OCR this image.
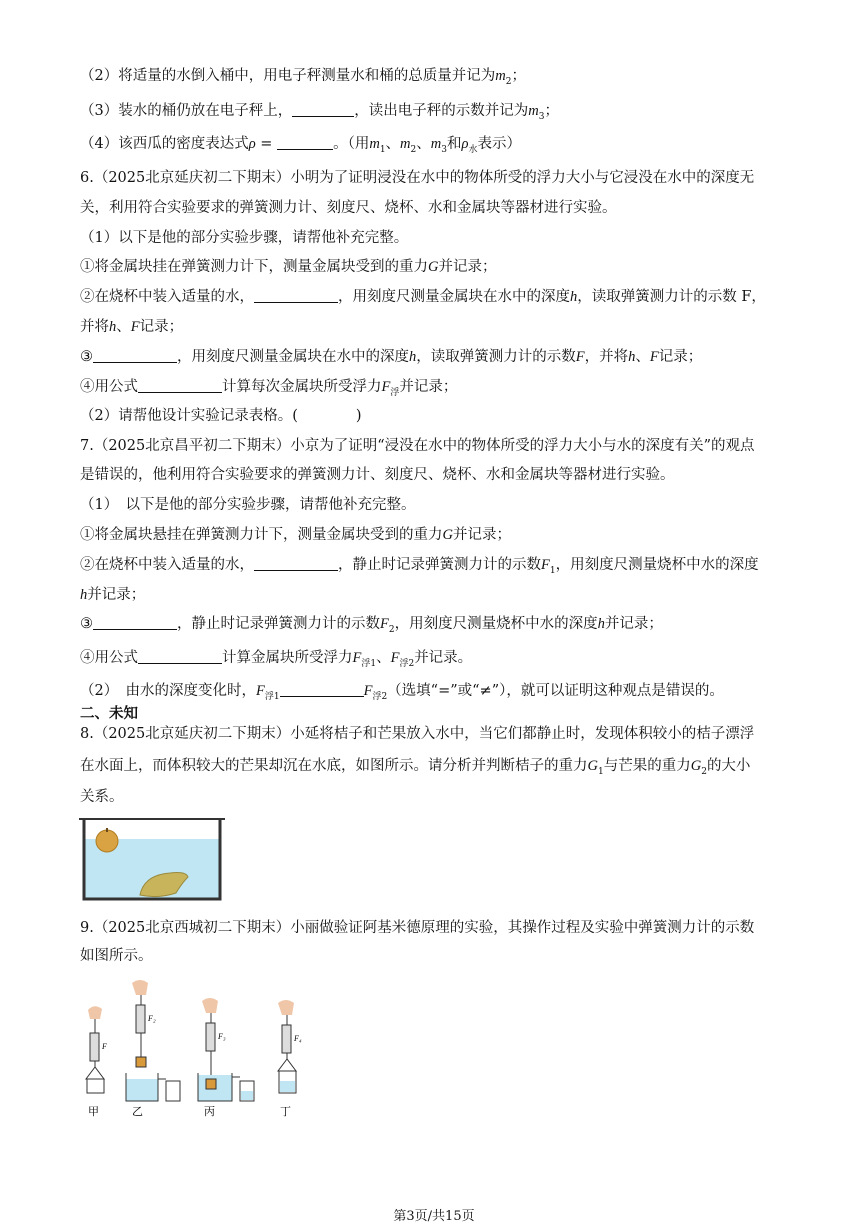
（2）将适量的水倒入桶中，用电子秤测量水和桶的总质量并记为$m_2$；
（3）装水的桶仍放在电子秤上，	，读出电子秤的示数并记为$m_3$；
（4）该西瓜的密度表达式ρ =	。（用$m_1$、$m_2$、$m_3$和$\rho_水$表示）
6.（2025北京延庆初二下期末）小明为了证明浸没在水中的物体所受的浮力大小与它浸没在水中的深度无
关，利用符合实验要求的弹簧测力计、刻度尺、烧杯、水和金属块等器材进行实验。
（1）以下是他的部分实验步骤，请帮他补充完整。
①将金属块挂在弹簧测力计下，测量金属块受到的重力G并记录；
②在烧杯中装入适量的水，	，用刻度尺测量金属块在水中的深度h，读取弹簧测力计的示数 F，
并将h、F记录；
③	，用刻度尺测量金属块在水中的深度h，读取弹簧测力计的示数F，并将h、F记录；
④用公式	计算每次金属块所受浮力$F_浮$并记录；
（2）请帮他设计实验记录表格。(　　　　)
7.（2025北京昌平初二下期末）小京为了证明“浸没在水中的物体所受的浮力大小与水的深度有关”的观点
是错误的，他利用符合实验要求的弹簧测力计、刻度尺、烧杯、水和金属块等器材进行实验。
（1）　以下是他的部分实验步骤，请帮他补充完整。
①将金属块悬挂在弹簧测力计下，测量金属块受到的重力G并记录；
②在烧杯中装入适量的水，	，静止时记录弹簧测力计的示数$F_1$，用刻度尺测量烧杯中水的深度
h并记录；
③	，静止时记录弹簧测力计的示数$F_2$，用刻度尺测量烧杯中水的深度h并记录；
④用公式	计算金属块所受浮力$F_{浮1}$、$F_{浮2}$并记录。
（2）　由水的深度变化时，$F_{浮1}$	$F_{浮2}$（选填“=”或“≠”），就可以证明这种观点是错误的。
二、未知
8.（2025北京延庆初二下期末）小延将桔子和芒果放入水中，当它们都静止时，发现体积较小的桔子漂浮
在水面上，而体积较大的芒果却沉在水底，如图所示。请分析并判断桔子的重力$G_1$与芒果的重力$G_2$的大小
关系。
9.（2025北京西城初二下期末）小丽做验证阿基米德原理的实验，其操作过程及实验中弹簧测力计的示数
如图所示。
F
甲
F₂
乙
F₃
丙
F₄
丁
第3页/共15页
